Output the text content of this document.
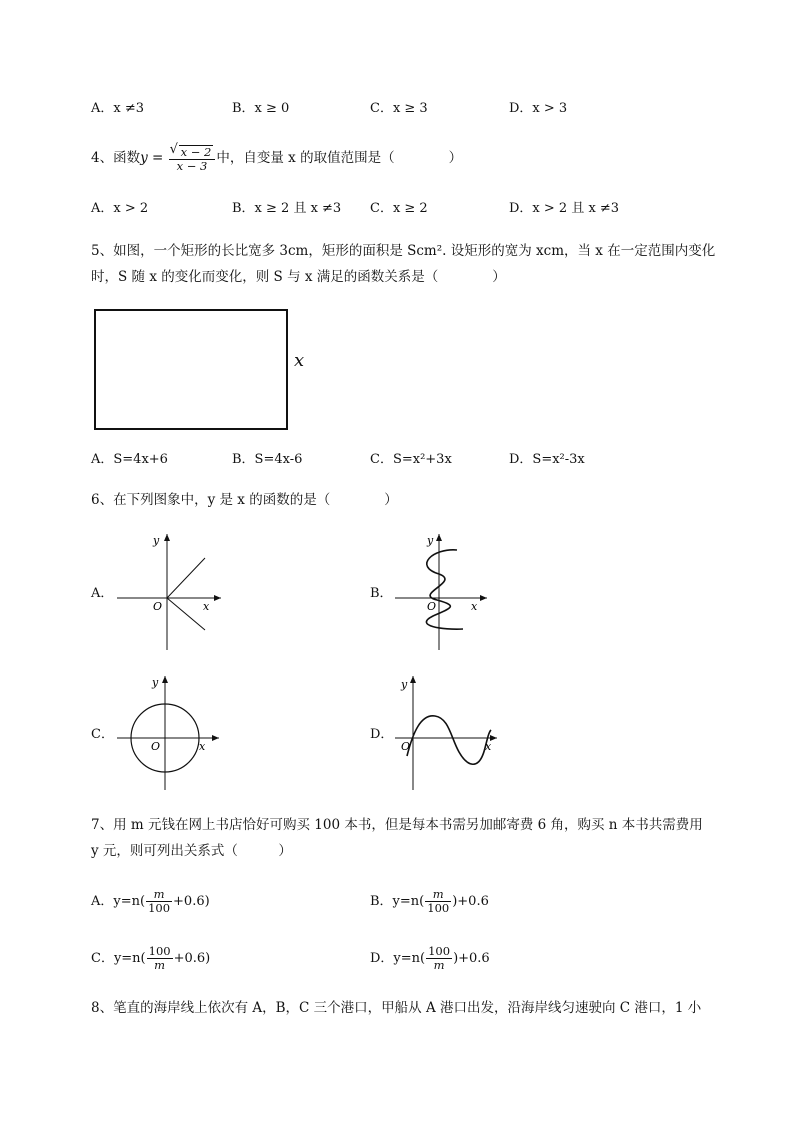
A．x ≠3	B．x ≥ 0	C．x ≥ 3	D．x > 3
4、函数y =
√ $\frac{x - 2}{x - 3}$ 中，自变量 x 的取值范围是（　　　　）
A．x > 2	B．x ≥ 2 且 x ≠3 C．x ≥ 2	D．x > 2 且 x ≠3
5、如图，一个矩形的长比宽多 3cm，矩形的面积是 Scm². 设矩形的宽为 xcm，当 x 在一定范围内变化
时，S 随 x 的变化而变化，则 S 与 x 满足的函数关系是（　　　　）
x
A．S=4x+6	B．S=4x-6	C．S=x²+3x	D．S=x²-3x
6、在下列图象中，y 是 x 的函数的是（　　　　）
A．
y
x
O
B．
y
x
O
C．
y
x
O
D．
y
x
O
7、用 m 元钱在网上书店恰好可购买 100 本书，但是每本书需另加邮寄费 6 角，购买 n 本书共需费用
y 元，则可列出关系式（　　　）
A．$y=n( \frac{m}{100} +0.6)$	B．$y=n( \frac{m}{100} )+0.6$
C．$y=n( \frac{100}{m} +0.6)$	D．$y=n( \frac{100}{m} )+0.6$
8、笔直的海岸线上依次有 A，B，C 三个港口，甲船从 A 港口出发，沿海岸线匀速驶向 C 港口，1 小
